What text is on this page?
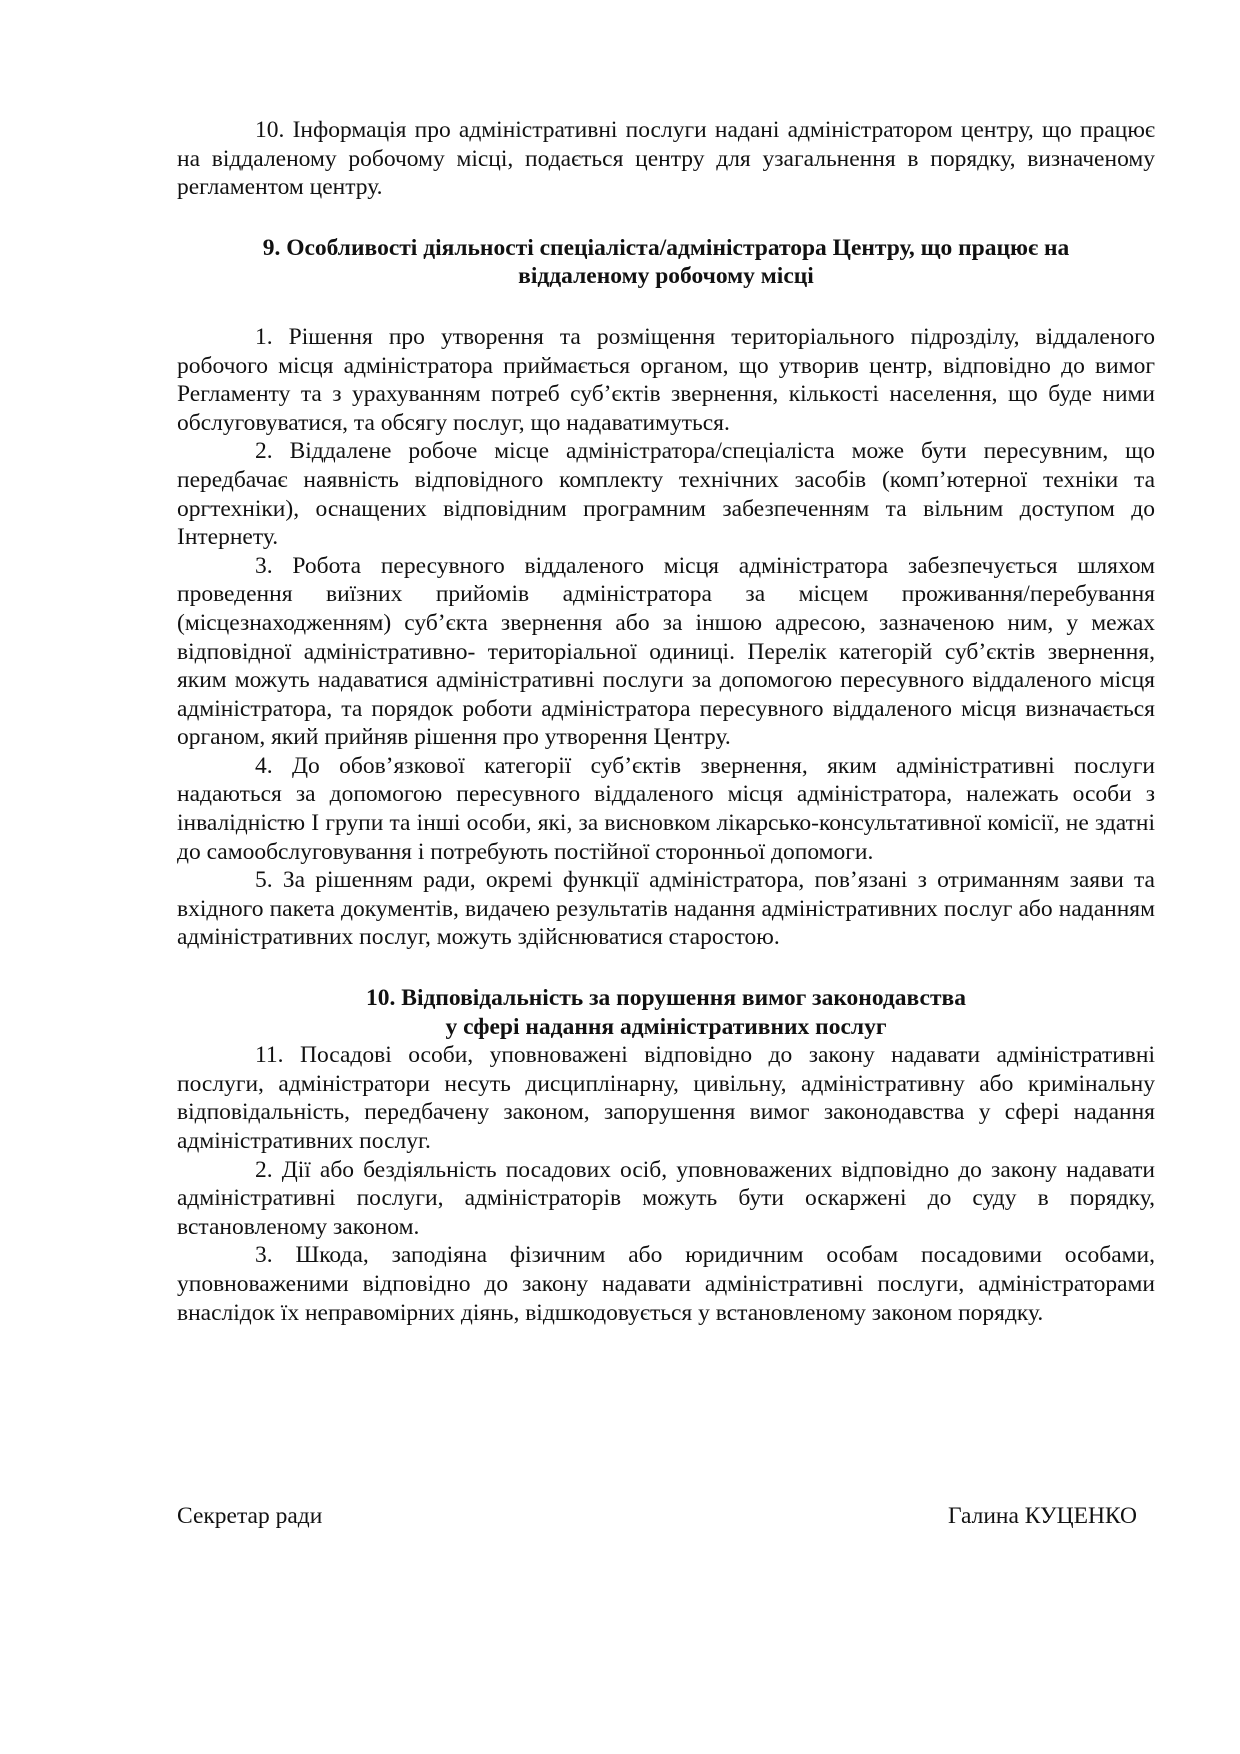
10. Інформація про адміністративні послуги надані адміністратором центру, що працює на віддаленому робочому місці, подається центру для узагальнення в порядку, визначеному регламентом центру.

9. Особливості діяльності спеціаліста/адміністратора Центру, що працює на
віддаленому робочому місці

1. Рішення про утворення та розміщення територіального підрозділу, віддаленого робочого місця адміністратора приймається органом, що утворив центр, відповідно до вимог Регламенту та з урахуванням потреб суб’єктів звернення, кількості населення, що буде ними обслуговуватися, та обсягу послуг, що надаватимуться.

2. Віддалене робоче місце адміністратора/спеціаліста може бути пересувним, що передбачає наявність відповідного комплекту технічних засобів (комп’ютерної техніки та оргтехніки), оснащених відповідним програмним забезпеченням та вільним доступом до Інтернету.

3. Робота пересувного віддаленого місця адміністратора забезпечується шляхом проведення виїзних прийомів адміністратора за місцем проживання/перебування (місцезнаходженням) суб’єкта звернення або за іншою адресою, зазначеною ним, у межах відповідної адміністративно- територіальної одиниці. Перелік категорій суб’єктів звернення, яким можуть надаватися адміністративні послуги за допомогою пересувного віддаленого місця адміністратора, та порядок роботи адміністратора пересувного віддаленого місця визначається органом, який прийняв рішення про утворення Центру.

4. До обов’язкової категорії суб’єктів звернення, яким адміністративні послуги надаються за допомогою пересувного віддаленого місця адміністратора, належать особи з інвалідністю I групи та інші особи, які, за висновком лікарсько-консультативної комісії, не здатні до самообслуговування і потребують постійної сторонньої допомоги.

5. За рішенням ради, окремі функції адміністратора, пов’язані з отриманням заяви та вхідного пакета документів, видачею результатів надання адміністративних послуг або наданням адміністративних послуг, можуть здійснюватися старостою.

10. Відповідальність за порушення вимог законодавства
у сфері надання адміністративних послуг

11. Посадові особи, уповноважені відповідно до закону надавати адміністративні послуги, адміністратори несуть дисциплінарну, цивільну, адміністративну або кримінальну відповідальність, передбачену законом, запорушення вимог законодавства у сфері надання адміністративних послуг.

2. Дії або бездіяльність посадових осіб, уповноважених відповідно до закону надавати адміністративні послуги, адміністраторів можуть бути оскаржені до суду в порядку, встановленому законом.

3. Шкода, заподіяна фізичним або юридичним особам посадовими особами, уповноваженими відповідно до закону надавати адміністративні послуги, адміністраторами внаслідок їх неправомірних діянь, відшкодовується у встановленому законом порядку.

Секретар ради	Галина КУЦЕНКО
